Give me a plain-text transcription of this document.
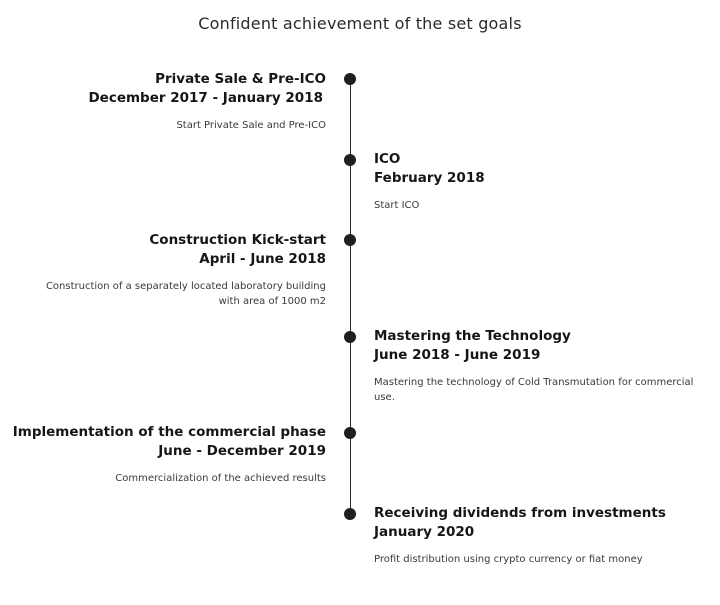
Confident achievement of the set goals
Private Sale & Pre-ICO
December 2017 - January 2018
Start Private Sale and Pre-ICO
ICO
February 2018
Start ICO
Construction Kick-start
April - June 2018
Construction of a separately located laboratory building with area of 1000 m2
Mastering the Technology
June 2018 - June 2019
Mastering the technology of Cold Transmutation for commercial use.
Implementation of the commercial phase
June - December 2019
Commercialization of the achieved results
Receiving dividends from investments
January 2020
Profit distribution using crypto currency or fiat money
